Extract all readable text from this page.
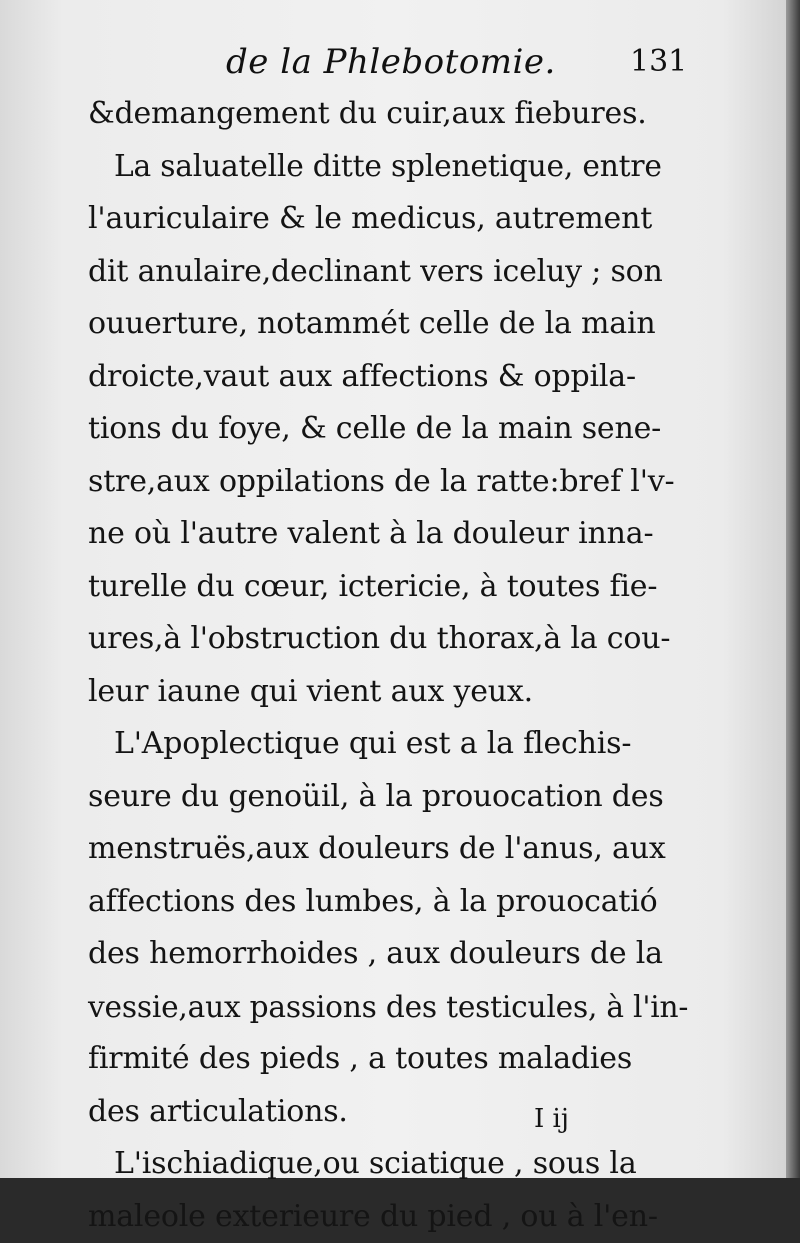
de la Phlebotomie. 131
&demangement du cuir,aux fiebures.
La saluatelle ditte splenetique, entre
l'auriculaire & le medicus, autrement
dit anulaire,declinant vers iceluy ; son
ouuerture, notammét celle de la main
droicte,vaut aux affections & oppila-
tions du foye, & celle de la main sene-
stre,aux oppilations de la ratte:bref l'v-
ne où l'autre valent à la douleur inna-
turelle du cœur, ictericie, à toutes fie-
ures,à l'obstruction du thorax,à la cou-
leur iaune qui vient aux yeux.
L'Apoplectique qui est a la flechis-
seure du genoüil, à la prouocation des
menstruës,aux douleurs de l'anus, aux
affections des lumbes, à la prouocatió
des hemorrhoides , aux douleurs de la
vessie,aux passions des testicules, à l'in-
firmité des pieds , a toutes maladies
des articulations.
L'ischiadique,ou sciatique , sous la
maleole exterieure du pied , ou à l'en-
I ij
